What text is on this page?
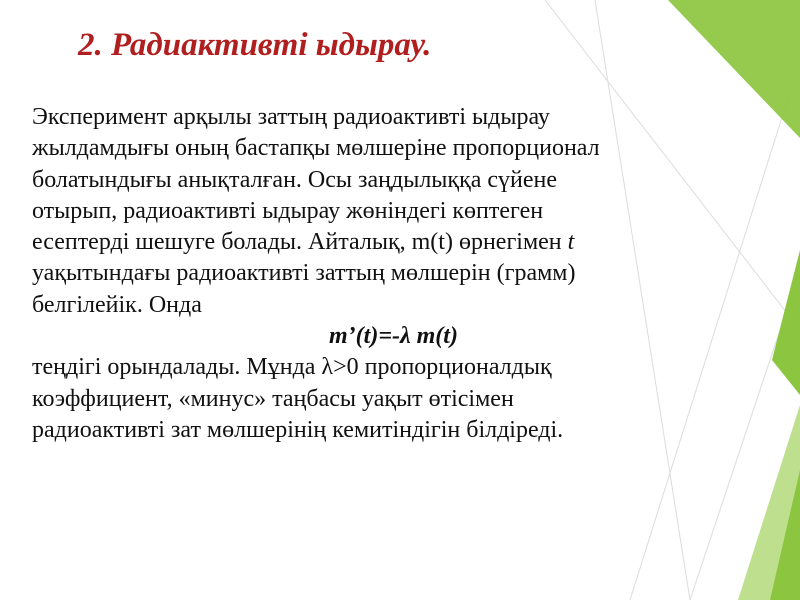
2. Радиактивті ыдырау.
Эксперимент арқылы заттың радиоактивті ыдырау
жылдамдығы оның бастапқы мөлшеріне пропорционал
болатындығы анықталған. Осы заңдылыққа сүйене
отырып, радиоактивті ыдырау жөніндегі көптеген
есептерді шешуге болады. Айталық, m(t) өрнегімен t
уақытындағы радиоактивті заттың мөлшерін (грамм)
белгілейік. Онда
m’(t)=-λ m(t)
теңдігі орындалады. Мұнда λ>0 пропорционалдық
коэффициент, «минус» таңбасы уақыт өтісімен
радиоактивті зат мөлшерінің кемитіндігін білдіреді.
